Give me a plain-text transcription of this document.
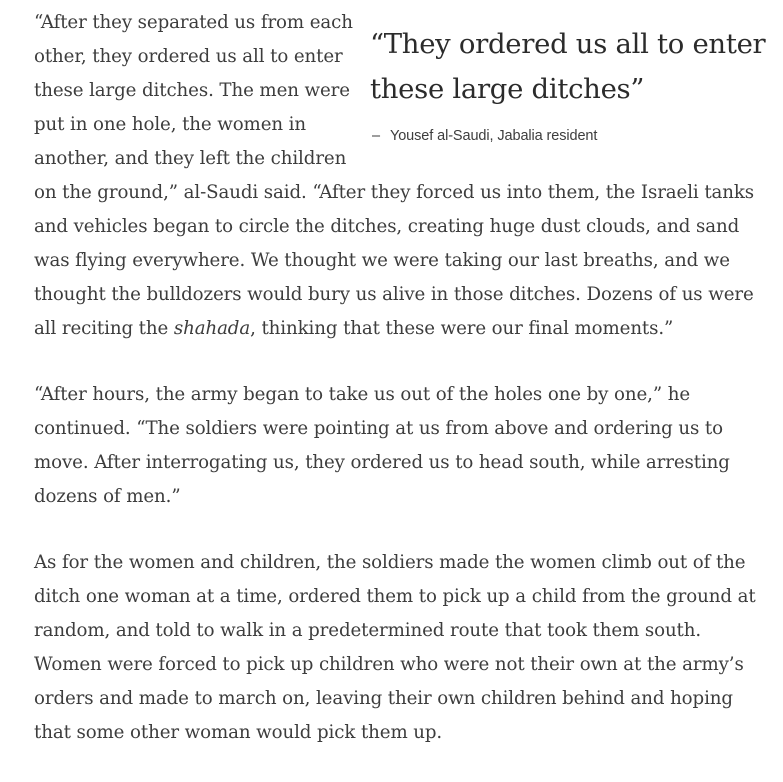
“They ordered us all to enter these large ditches”
– Yousef al-Saudi, Jabalia resident

“After they separated us from each other, they ordered us all to enter these large ditches. The men were put in one hole, the women in another, and they left the children on the ground,” al-Saudi said. “After they forced us into them, the Israeli tanks and vehicles began to circle the ditches, creating huge dust clouds, and sand was flying everywhere. We thought we were taking our last breaths, and we thought the bulldozers would bury us alive in those ditches. Dozens of us were all reciting the shahada, thinking that these were our final moments.”

“After hours, the army began to take us out of the holes one by one,” he continued. “The soldiers were pointing at us from above and ordering us to move. After interrogating us, they ordered us to head south, while arresting dozens of men.”

As for the women and children, the soldiers made the women climb out of the ditch one woman at a time, ordered them to pick up a child from the ground at random, and told to walk in a predetermined route that took them south. Women were forced to pick up children who were not their own at the army’s orders and made to march on, leaving their own children behind and hoping that some other woman would pick them up.
